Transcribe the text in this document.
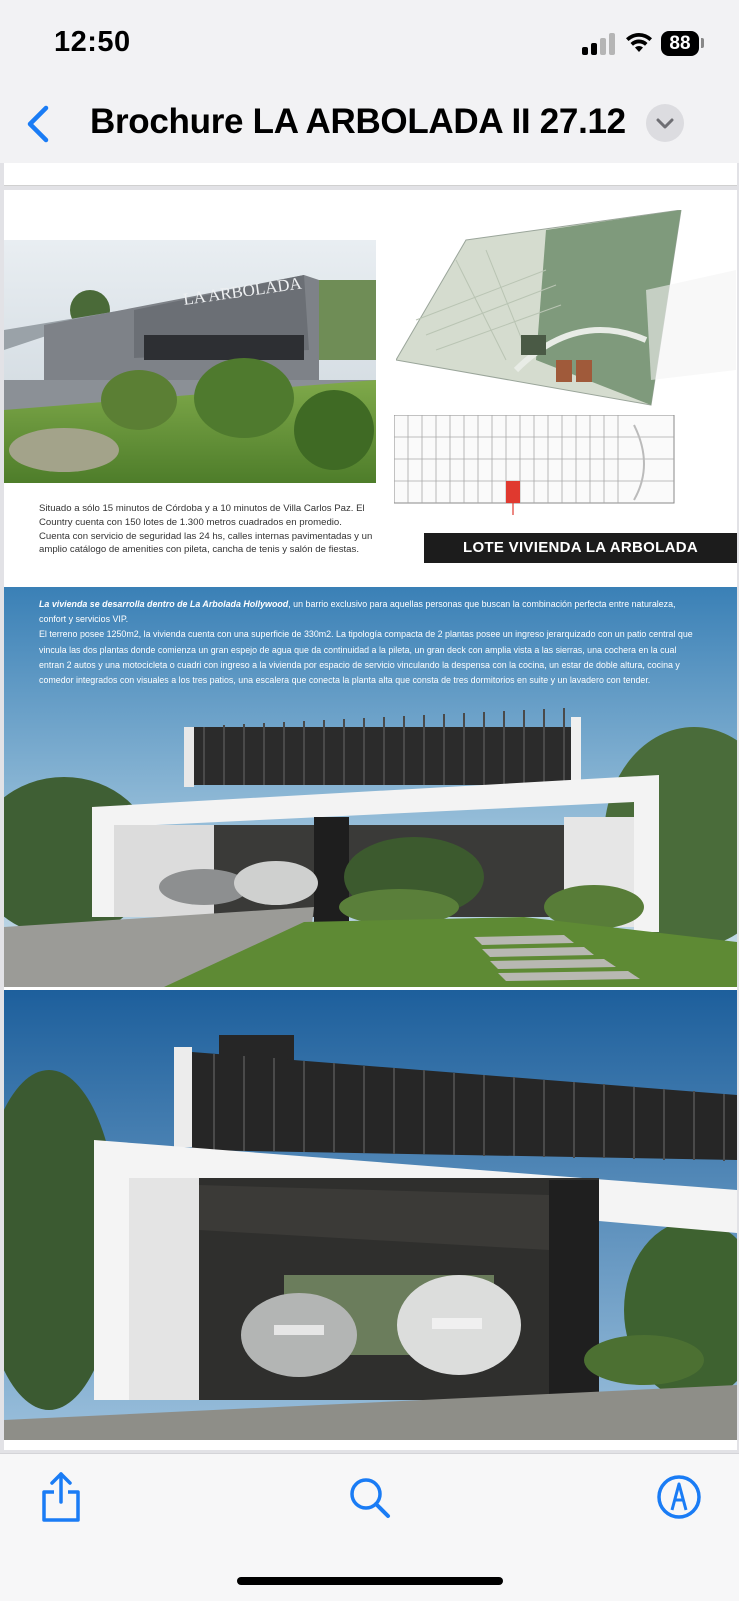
12:50	88
Brochure LA ARBOLADA II 27.12
LA ARBOLADA
Situado a sólo 15 minutos de Córdoba y a 10 minutos de Villa Carlos Paz. El Country cuenta con 150 lotes de 1.300 metros cuadrados en promedio. Cuenta con servicio de seguridad las 24 hs, calles internas pavimentadas y un amplio catálogo de amenities con pileta, cancha de tenis y salón de fiestas.	LOTE VIVIENDA LA ARBOLADA

La vivienda se desarrolla dentro de La Arbolada Hollywood, un barrio exclusivo para aquellas personas que buscan la combinación perfecta entre naturaleza, confort y servicios VIP.

El terreno posee 1250m2, la vivienda cuenta con una superficie de 330m2. La tipología compacta de 2 plantas posee un ingreso jerarquizado con un patio central que vincula las dos plantas donde comienza un gran espejo de agua que da continuidad a la pileta, un gran deck con amplia vista a las sierras, una cochera en la cual entran 2 autos y una motocicleta o cuadri con ingreso a la vivienda por espacio de servicio vinculando la despensa con la cocina, un estar de doble altura, cocina y comedor integrados con visuales a los tres patios, una escalera que conecta la planta alta que consta de tres dormitorios en suite y un lavadero con tender.
